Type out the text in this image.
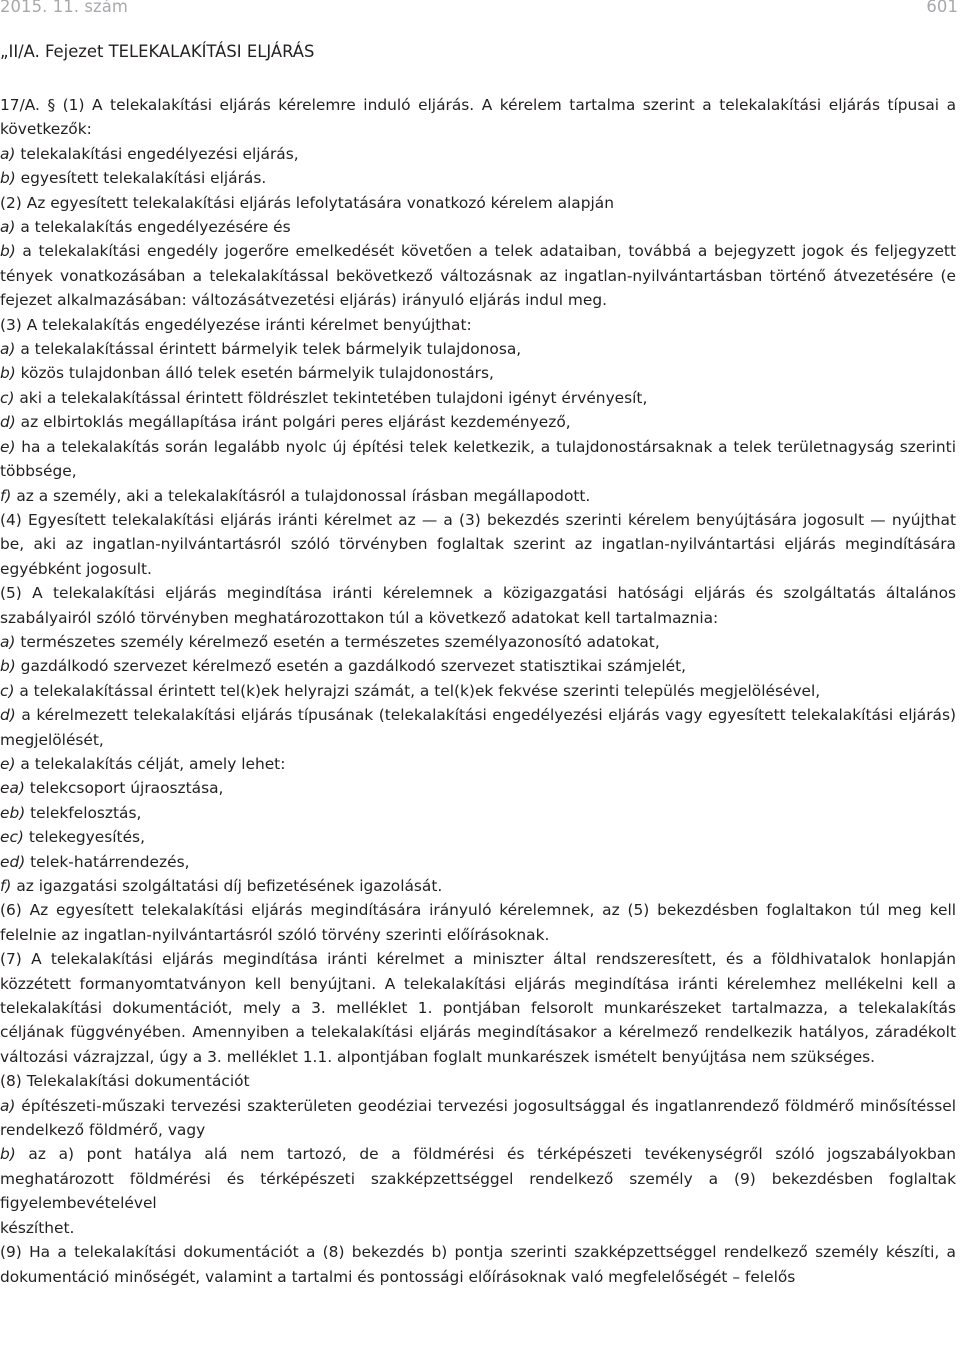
2015. 11. szám	601
„II/A. Fejezet TELEKALAKÍTÁSI ELJÁRÁS

17/A. § (1) A telekalakítási eljárás kérelemre induló eljárás. A kérelem tartalma szerint a telekalakítási eljárás típusai a következők:

a) telekalakítási engedélyezési eljárás,

b) egyesített telekalakítási eljárás.

(2) Az egyesített telekalakítási eljárás lefolytatására vonatkozó kérelem alapján

a) a telekalakítás engedélyezésére és

b) a telekalakítási engedély jogerőre emelkedését követően a telek adataiban, továbbá a bejegyzett jogok és feljegyzett tények vonatkozásában a telekalakítással bekövetkező változásnak az ingatlan-nyilvántartásban történő átvezetésére (e fejezet alkalmazásában: változásátvezetési eljárás) irányuló eljárás indul meg.

(3) A telekalakítás engedélyezése iránti kérelmet benyújthat:

a) a telekalakítással érintett bármelyik telek bármelyik tulajdonosa,

b) közös tulajdonban álló telek esetén bármelyik tulajdonostárs,

c) aki a telekalakítással érintett földrészlet tekintetében tulajdoni igényt érvényesít,

d) az elbirtoklás megállapítása iránt polgári peres eljárást kezdeményező,

e) ha a telekalakítás során legalább nyolc új építési telek keletkezik, a tulajdonostársaknak a telek területnagyság szerinti többsége,

f) az a személy, aki a telekalakításról a tulajdonossal írásban megállapodott.

(4) Egyesített telekalakítási eljárás iránti kérelmet az — a (3) bekezdés szerinti kérelem benyújtására jogosult — nyújthat be, aki az ingatlan-nyilvántartásról szóló törvényben foglaltak szerint az ingatlan-nyilvántartási eljárás megindítására egyébként jogosult.

(5) A telekalakítási eljárás megindítása iránti kérelemnek a közigazgatási hatósági eljárás és szolgáltatás általános szabályairól szóló törvényben meghatározottakon túl a következő adatokat kell tartalmaznia:

a) természetes személy kérelmező esetén a természetes személyazonosító adatokat,

b) gazdálkodó szervezet kérelmező esetén a gazdálkodó szervezet statisztikai számjelét,

c) a telekalakítással érintett tel(k)ek helyrajzi számát, a tel(k)ek fekvése szerinti település megjelölésével,

d) a kérelmezett telekalakítási eljárás típusának (telekalakítási engedélyezési eljárás vagy egyesített telekalakítási eljárás) megjelölését,

e) a telekalakítás célját, amely lehet:

ea) telekcsoport újraosztása,

eb) telekfelosztás,

ec) telekegyesítés,

ed) telek-határrendezés,

f) az igazgatási szolgáltatási díj befizetésének igazolását.

(6) Az egyesített telekalakítási eljárás megindítására irányuló kérelemnek, az (5) bekezdésben foglaltakon túl meg kell felelnie az ingatlan-nyilvántartásról szóló törvény szerinti előírásoknak.

(7) A telekalakítási eljárás megindítása iránti kérelmet a miniszter által rendszeresített, és a földhivatalok honlapján közzétett formanyomtatványon kell benyújtani. A telekalakítási eljárás megindítása iránti kérelemhez mellékelni kell a telekalakítási dokumentációt, mely a 3. melléklet 1. pontjában felsorolt munkarészeket tartalmazza, a telekalakítás céljának függvényében. Amennyiben a telekalakítási eljárás megindításakor a kérelmező rendelkezik hatályos, záradékolt változási vázrajzzal, úgy a 3. melléklet 1.1. alpontjában foglalt munkarészek ismételt benyújtása nem szükséges.

(8) Telekalakítási dokumentációt

a) építészeti-műszaki tervezési szakterületen geodéziai tervezési jogosultsággal és ingatlanrendező földmérő minősítéssel rendelkező földmérő, vagy

b) az a) pont hatálya alá nem tartozó, de a földmérési és térképészeti tevékenységről szóló jogszabályokban meghatározott földmérési és térképészeti szakképzettséggel rendelkező személy a (9) bekezdésben foglaltak figyelembevételével

készíthet.

(9) Ha a telekalakítási dokumentációt a (8) bekezdés b) pontja szerinti szakképzettséggel rendelkező személy készíti, a dokumentáció minőségét, valamint a tartalmi és pontossági előírásoknak való megfelelőségét – felelős
